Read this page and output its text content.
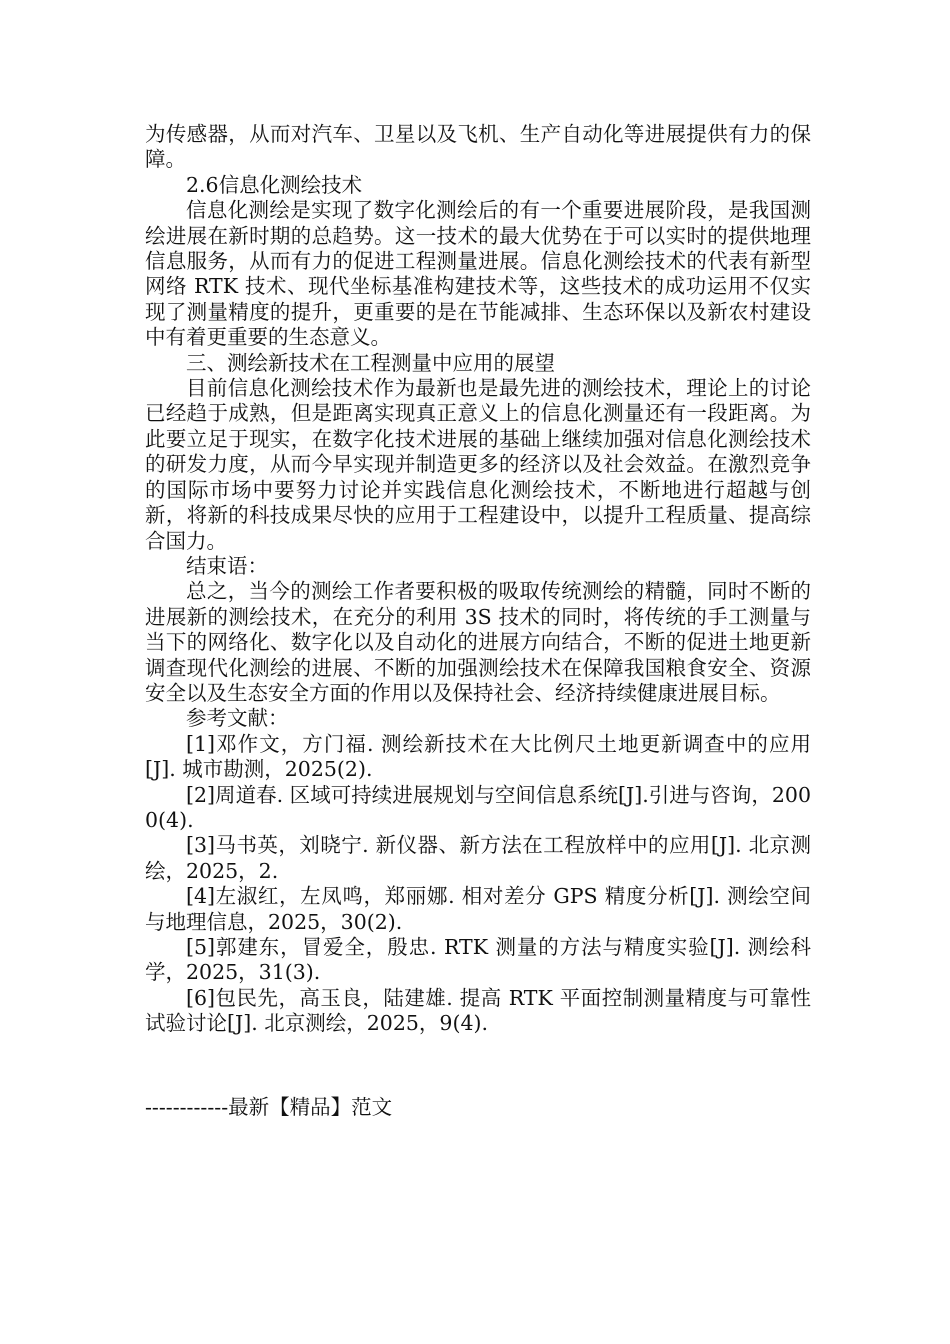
为传感器，从而对汽车、卫星以及飞机、生产自动化等进展提供有力的保障。

2.6信息化测绘技术

信息化测绘是实现了数字化测绘后的有一个重要进展阶段，是我国测绘进展在新时期的总趋势。这一技术的最大优势在于可以实时的提供地理信息服务，从而有力的促进工程测量进展。信息化测绘技术的代表有新型网络 RTK 技术、现代坐标基准构建技术等，这些技术的成功运用不仅实现了测量精度的提升，更重要的是在节能减排、生态环保以及新农村建设中有着更重要的生态意义。

三、测绘新技术在工程测量中应用的展望

目前信息化测绘技术作为最新也是最先进的测绘技术，理论上的讨论已经趋于成熟，但是距离实现真正意义上的信息化测量还有一段距离。为此要立足于现实，在数字化技术进展的基础上继续加强对信息化测绘技术的研发力度，从而今早实现并制造更多的经济以及社会效益。在激烈竞争的国际市场中要努力讨论并实践信息化测绘技术，不断地进行超越与创新，将新的科技成果尽快的应用于工程建设中，以提升工程质量、提高综合国力。

结束语：

总之，当今的测绘工作者要积极的吸取传统测绘的精髓，同时不断的进展新的测绘技术，在充分的利用 3S 技术的同时，将传统的手工测量与当下的网络化、数字化以及自动化的进展方向结合，不断的促进土地更新调查现代化测绘的进展、不断的加强测绘技术在保障我国粮食安全、资源安全以及生态安全方面的作用以及保持社会、经济持续健康进展目标。

参考文献：

[1]邓作文，方门福. 测绘新技术在大比例尺土地更新调查中的应用[J]. 城市勘测，2025(2).

[2]周道春. 区域可持续进展规划与空间信息系统[J].引进与咨询，2000(4).

[3]马书英，刘晓宁. 新仪器、新方法在工程放样中的应用[J]. 北京测绘，2025，2.

[4]左淑红，左凤鸣，郑丽娜. 相对差分 GPS 精度分析[J]. 测绘空间与地理信息，2025，30(2).

[5]郭建东，冒爱全，殷忠. RTK 测量的方法与精度实验[J]. 测绘科学，2025，31(3).

[6]包民先，高玉良，陆建雄. 提高 RTK 平面控制测量精度与可靠性试验讨论[J]. 北京测绘，2025，9(4).

------------最新【精品】范文
